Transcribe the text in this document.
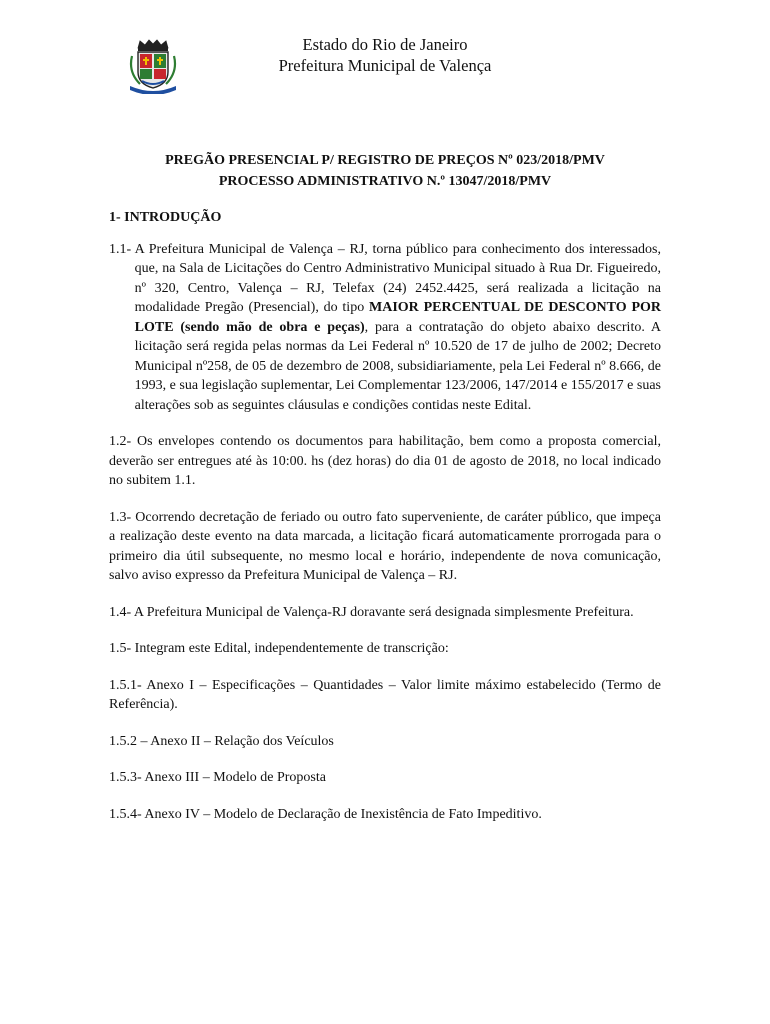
Estado do Rio de Janeiro
Prefeitura Municipal de Valença
PREGÃO PRESENCIAL P/ REGISTRO DE PREÇOS Nº 023/2018/PMV
PROCESSO ADMINISTRATIVO N.º 13047/2018/PMV
1- INTRODUÇÃO
1.1- A Prefeitura Municipal de Valença – RJ, torna público para conhecimento dos interessados, que, na Sala de Licitações do Centro Administrativo Municipal situado à Rua Dr. Figueiredo, nº 320, Centro, Valença – RJ, Telefax (24) 2452.4425, será realizada a licitação na modalidade Pregão (Presencial), do tipo MAIOR PERCENTUAL DE DESCONTO POR LOTE (sendo mão de obra e peças), para a contratação do objeto abaixo descrito. A licitação será regida pelas normas da Lei Federal nº 10.520 de 17 de julho de 2002; Decreto Municipal nº258, de 05 de dezembro de 2008, subsidiariamente, pela Lei Federal nº 8.666, de 1993, e sua legislação suplementar, Lei Complementar 123/2006, 147/2014 e 155/2017 e suas alterações sob as seguintes cláusulas e condições contidas neste Edital.
1.2- Os envelopes contendo os documentos para habilitação, bem como a proposta comercial, deverão ser entregues até às 10:00. hs (dez horas) do dia 01 de agosto de 2018, no local indicado no subitem 1.1.
1.3- Ocorrendo decretação de feriado ou outro fato superveniente, de caráter público, que impeça a realização deste evento na data marcada, a licitação ficará automaticamente prorrogada para o primeiro dia útil subsequente, no mesmo local e horário, independente de nova comunicação, salvo aviso expresso da Prefeitura Municipal de Valença – RJ.
1.4- A Prefeitura Municipal de Valença-RJ doravante será designada simplesmente Prefeitura.
1.5- Integram este Edital, independentemente de transcrição:
1.5.1- Anexo I – Especificações – Quantidades – Valor limite máximo estabelecido (Termo de Referência).
1.5.2 – Anexo II – Relação dos Veículos
1.5.3- Anexo III – Modelo de Proposta
1.5.4- Anexo IV – Modelo de Declaração de Inexistência de Fato Impeditivo.
